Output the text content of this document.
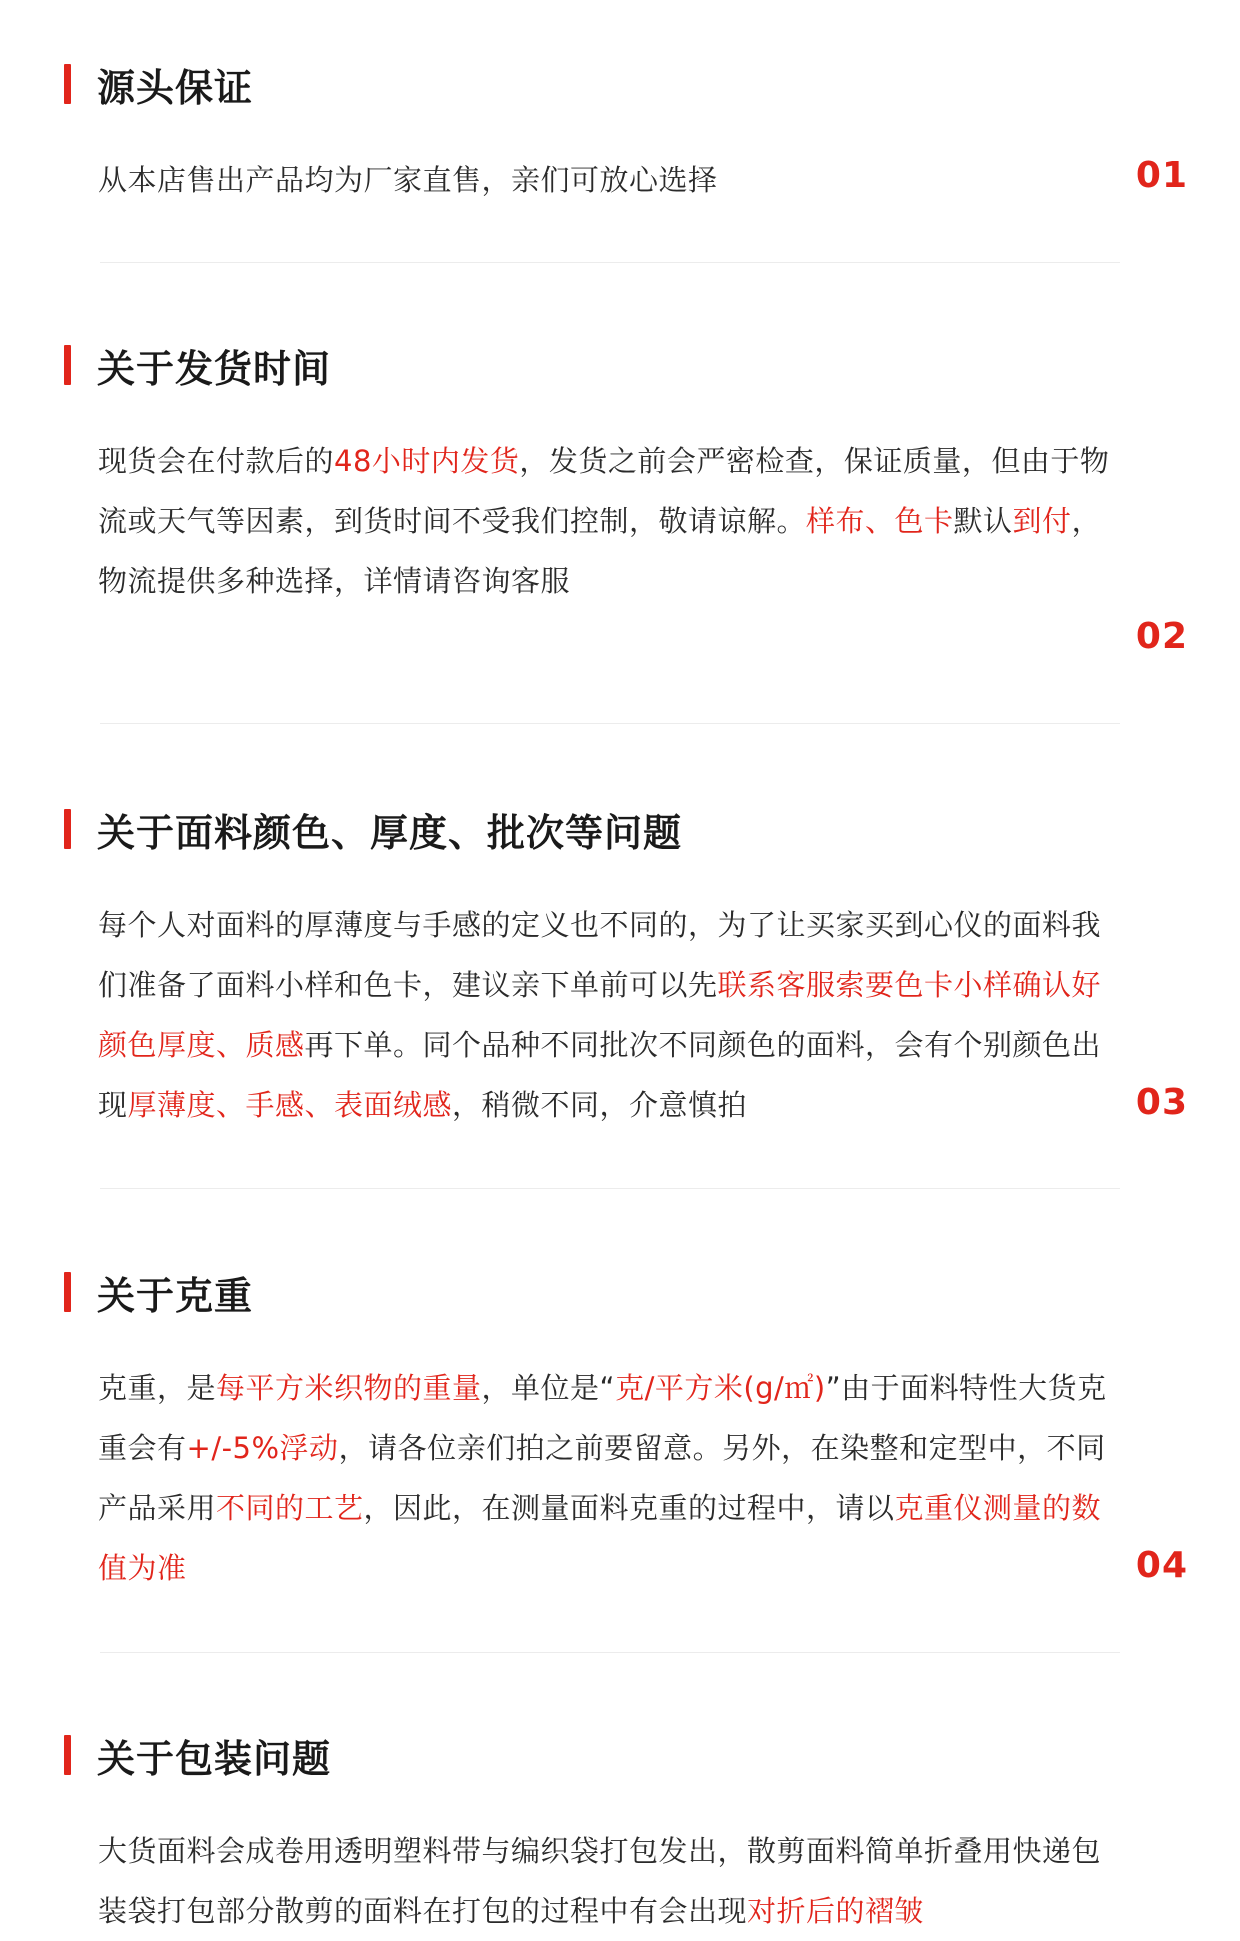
源头保证
从本店售出产品均为厂家直售，亲们可放心选择	01
关于发货时间
现货会在付款后的48小时内发货，发货之前会严密检查，保证质量，但由于物流或天气等因素，到货时间不受我们控制，敬请谅解。样布、色卡默认到付，物流提供多种选择，详情请咨询客服
02
关于面料颜色、厚度、批次等问题
每个人对面料的厚薄度与手感的定义也不同的，为了让买家买到心仪的面料我们准备了面料小样和色卡，建议亲下单前可以先联系客服索要色卡小样确认好颜色厚度、质感再下单。同个品种不同批次不同颜色的面料，会有个别颜色出现厚薄度、手感、表面绒感，稍微不同，介意慎拍	03
关于克重
克重，是每平方米织物的重量，单位是“克/平方米(g/㎡)”由于面料特性大货克重会有+/-5%浮动，请各位亲们拍之前要留意。另外，在染整和定型中，不同产品采用不同的工艺，因此，在测量面料克重的过程中，请以克重仪测量的数值为准	04
关于包装问题
大货面料会成卷用透明塑料带与编织袋打包发出，散剪面料简单折叠用快递包装袋打包部分散剪的面料在打包的过程中有会出现对折后的褶皱
